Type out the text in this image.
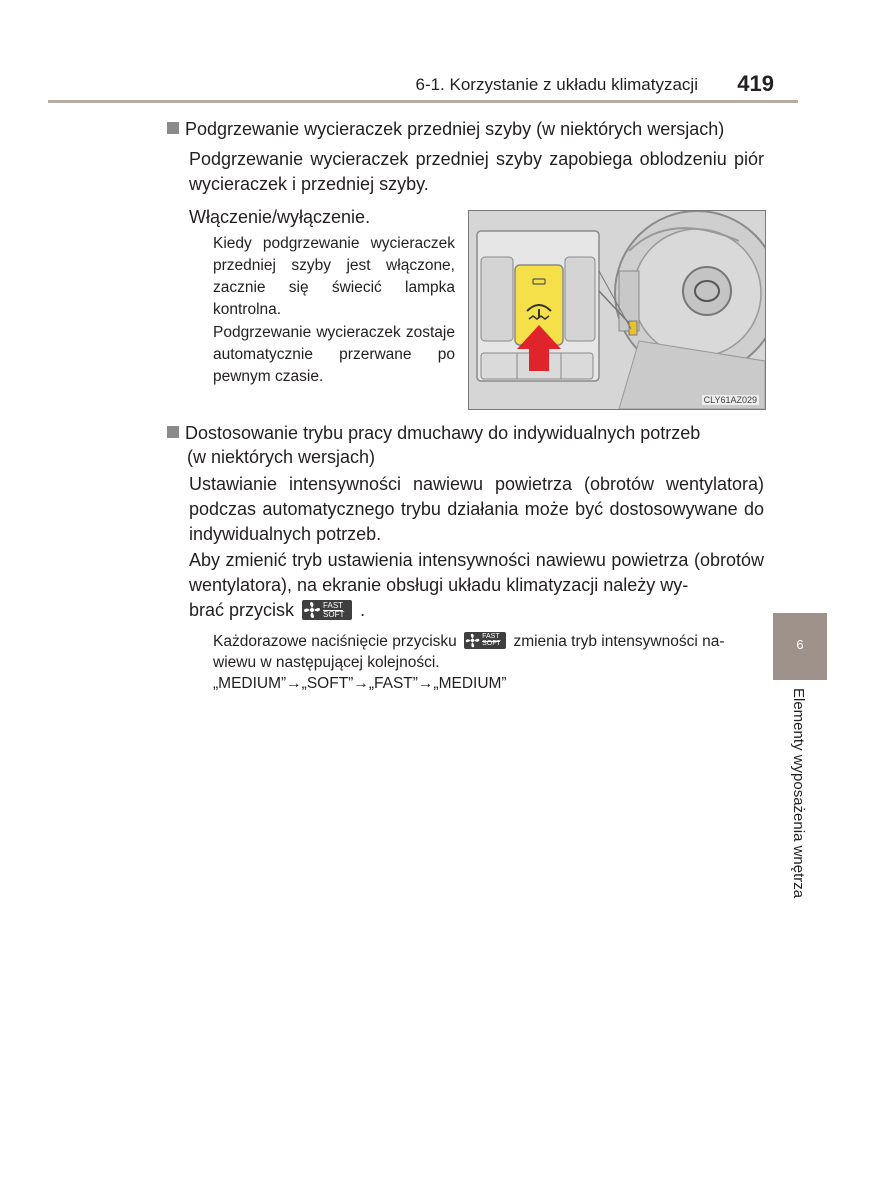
6-1. Korzystanie z układu klimatyzacji	419
Podgrzewanie wycieraczek przedniej szyby (w niektórych wersjach)
Podgrzewanie wycieraczek przedniej szyby zapobiega oblodzeniu piór wycieraczek i przedniej szyby.
Włączenie/wyłączenie.
Kiedy podgrzewanie wycieraczek przedniej szyby jest włączone, zacznie się świecić lampka kontrolna.
Podgrzewanie wycieraczek zostaje automatycznie przerwane po pewnym czasie.
CLY61AZ029
Dostosowanie trybu pracy dmuchawy do indywidualnych potrzeb
(w niektórych wersjach)
Ustawianie intensywności nawiewu powietrza (obrotów wentylatora) podczas automatycznego trybu działania może być dostosowywane do indywidualnych potrzeb.
Aby zmienić tryb ustawienia intensywności nawiewu powietrza (obrotów wentylatora), na ekranie obsługi układu klimatyzacji należy wy-
brać przycisk	FAST
SOFT .
Każdorazowe naciśnięcie przycisku	FAST
SOFT zmienia tryb intensywności na-
wiewu w następującej kolejności.
„MEDIUM”→„SOFT”→„FAST”→„MEDIUM”
6
Elementy wyposażenia wnętrza
